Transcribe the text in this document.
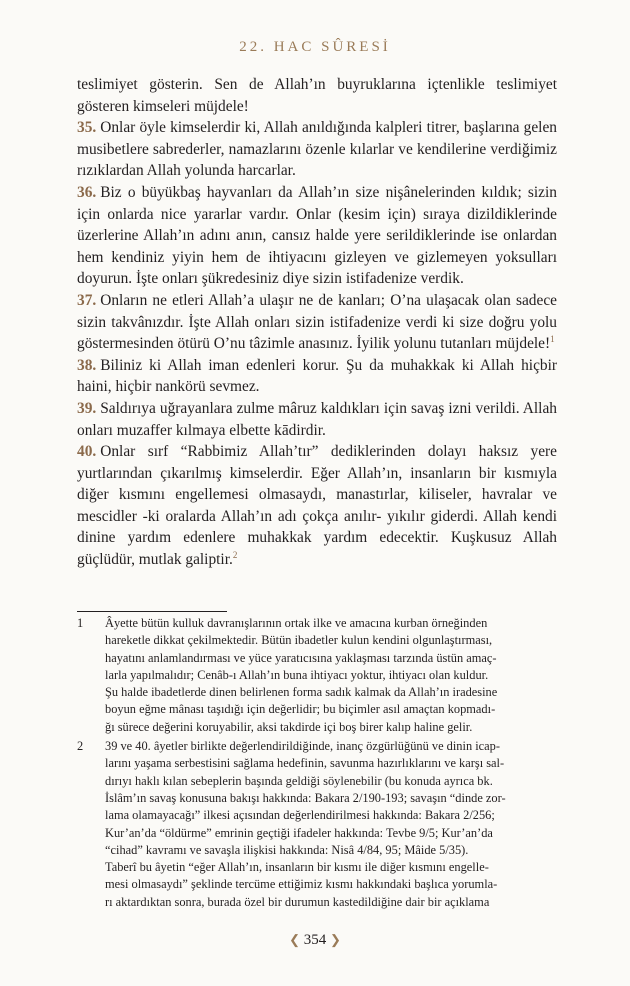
22. HAC SÛRESİ

teslimiyet gösterin. Sen de Allah’ın buyruklarına içtenlikle teslimiyet gösteren kimseleri müjdele!

35. Onlar öyle kimselerdir ki, Allah anıldığında kalpleri titrer, başlarına gelen musibetlere sabrederler, namazlarını özenle kılarlar ve kendilerine verdiğimiz rızıklardan Allah yolunda harcarlar.

36. Biz o büyükbaş hayvanları da Allah’ın size nişânelerinden kıldık; sizin için onlarda nice yararlar vardır. Onlar (kesim için) sıraya dizildiklerinde üzerlerine Allah’ın adını anın, cansız halde yere serildiklerinde ise onlardan hem kendiniz yiyin hem de ihtiyacını gizleyen ve gizlemeyen yoksulları doyurun. İşte onları şükredesiniz diye sizin istifadenize verdik.

37. Onların ne etleri Allah’a ulaşır ne de kanları; O’na ulaşacak olan sadece sizin takvânızdır. İşte Allah onları sizin istifadenize verdi ki size doğru yolu göstermesinden ötürü O’nu tâzimle anasınız. İyilik yolunu tutanları müjdele!$^1$

38. Biliniz ki Allah iman edenleri korur. Şu da muhakkak ki Allah hiçbir haini, hiçbir nankörü sevmez.

39. Saldırıya uğrayanlara zulme mâruz kaldıkları için savaş izni verildi. Allah onları muzaffer kılmaya elbette kādirdir.

40. Onlar sırf “Rabbimiz Allah’tır” dediklerinden dolayı haksız yere yurtlarından çıkarılmış kimselerdir. Eğer Allah’ın, insanların bir kısmıyla diğer kısmını engellemesi olmasaydı, manastırlar, kiliseler, havralar ve mescidler -ki oralarda Allah’ın adı çokça anılır- yıkılır giderdi. Allah kendi dinine yardım edenlere muhakkak yardım edecektir. Kuşkusuz Allah güçlüdür, mutlak galiptir.$^2$

1	Âyette bütün kulluk davranışlarının ortak ilke ve amacına kurban örneğinden
hareketle dikkat çekilmektedir. Bütün ibadetler kulun kendini olgunlaştırması,
hayatını anlamlandırması ve yüce yaratıcısına yaklaşması tarzında üstün amaç-
larla yapılmalıdır; Cenâb-ı Allah’ın buna ihtiyacı yoktur, ihtiyacı olan kuldur.
Şu halde ibadetlerde dinen belirlenen forma sadık kalmak da Allah’ın iradesine
boyun eğme mânası taşıdığı için değerlidir; bu biçimler asıl amaçtan kopmadı-
ğı sürece değerini koruyabilir, aksi takdirde içi boş birer kalıp haline gelir.
2	39 ve 40. âyetler birlikte değerlendirildiğinde, inanç özgürlüğünü ve dinin icap-
larını yaşama serbestisini sağlama hedefinin, savunma hazırlıklarını ve karşı sal-
dırıyı haklı kılan sebeplerin başında geldiği söylenebilir (bu konuda ayrıca bk.
İslâm’ın savaş konusuna bakışı hakkında: Bakara 2/190-193; savaşın “dinde zor-
lama olamayacağı” ilkesi açısından değerlendirilmesi hakkında: Bakara 2/256;
Kur’an’da “öldürme” emrinin geçtiği ifadeler hakkında: Tevbe 9/5; Kur’an’da
“cihad” kavramı ve savaşla ilişkisi hakkında: Nisâ 4/84, 95; Mâide 5/35).
Taberî bu âyetin “eğer Allah’ın, insanların bir kısmı ile diğer kısmını engelle-
mesi olmasaydı” şeklinde tercüme ettiğimiz kısmı hakkındaki başlıca yorumla-
rı aktardıktan sonra, burada özel bir durumun kastedildiğine dair bir açıklama
❮ 354 ❯
